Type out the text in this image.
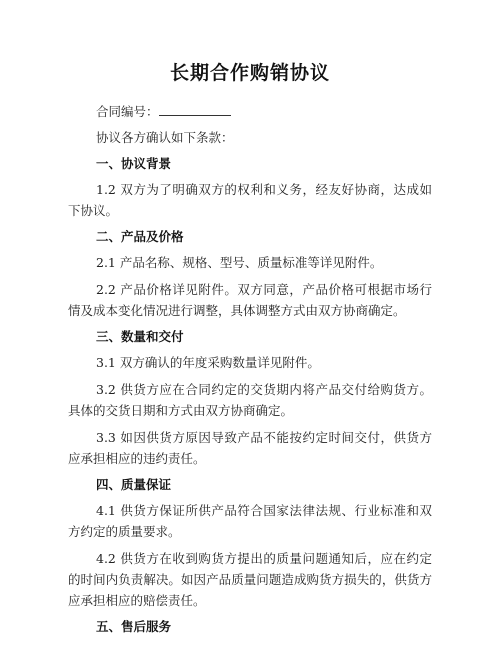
长期合作购销协议
合同编号：
协议各方确认如下条款：
一、协议背景

1.2 双方为了明确双方的权利和义务，经友好协商，达成如下协议。

二、产品及价格

2.1 产品名称、规格、型号、质量标准等详见附件。

2.2 产品价格详见附件。双方同意，产品价格可根据市场行情及成本变化情况进行调整，具体调整方式由双方协商确定。

三、数量和交付

3.1 双方确认的年度采购数量详见附件。

3.2 供货方应在合同约定的交货期内将产品交付给购货方。具体的交货日期和方式由双方协商确定。

3.3 如因供货方原因导致产品不能按约定时间交付，供货方应承担相应的违约责任。

四、质量保证

4.1 供货方保证所供产品符合国家法律法规、行业标准和双方约定的质量要求。

4.2 供货方在收到购货方提出的质量问题通知后，应在约定的时间内负责解决。如因产品质量问题造成购货方损失的，供货方应承担相应的赔偿责任。

五、售后服务
